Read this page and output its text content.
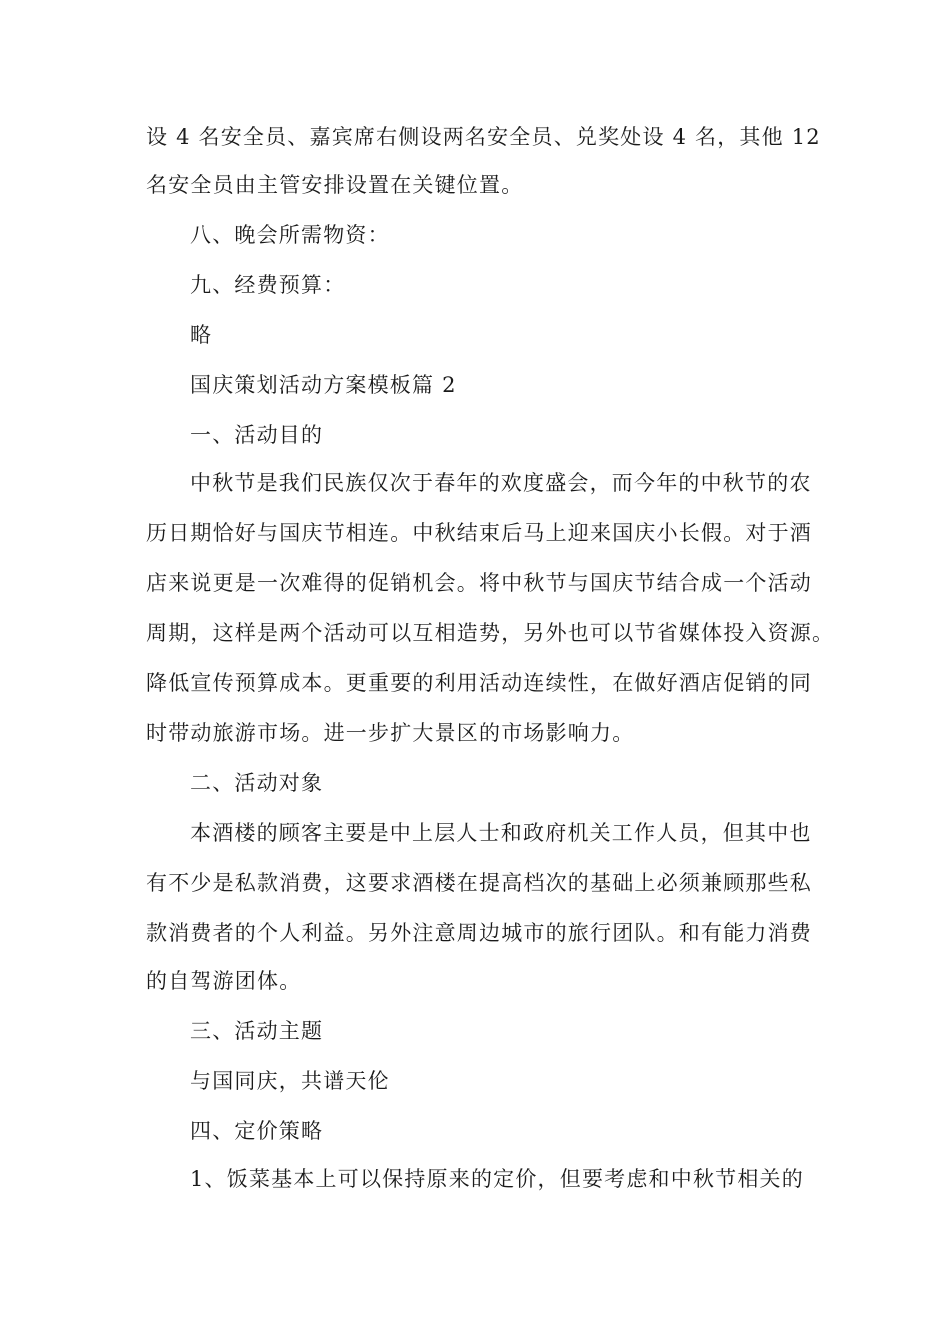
设 4 名安全员、嘉宾席右侧设两名安全员、兑奖处设 4 名，其他 12
名安全员由主管安排设置在关键位置。
八、晚会所需物资：
九、经费预算：
略
国庆策划活动方案模板篇 2
一、活动目的
中秋节是我们民族仅次于春年的欢度盛会，而今年的中秋节的农
历日期恰好与国庆节相连。中秋结束后马上迎来国庆小长假。对于酒
店来说更是一次难得的促销机会。将中秋节与国庆节结合成一个活动
周期，这样是两个活动可以互相造势，另外也可以节省媒体投入资源。
降低宣传预算成本。更重要的利用活动连续性，在做好酒店促销的同
时带动旅游市场。进一步扩大景区的市场影响力。
二、活动对象
本酒楼的顾客主要是中上层人士和政府机关工作人员，但其中也
有不少是私款消费，这要求酒楼在提高档次的基础上必须兼顾那些私
款消费者的个人利益。另外注意周边城市的旅行团队。和有能力消费
的自驾游团体。
三、活动主题
与国同庆，共谱天伦
四、定价策略
1、饭菜基本上可以保持原来的定价，但要考虑和中秋节相关的
